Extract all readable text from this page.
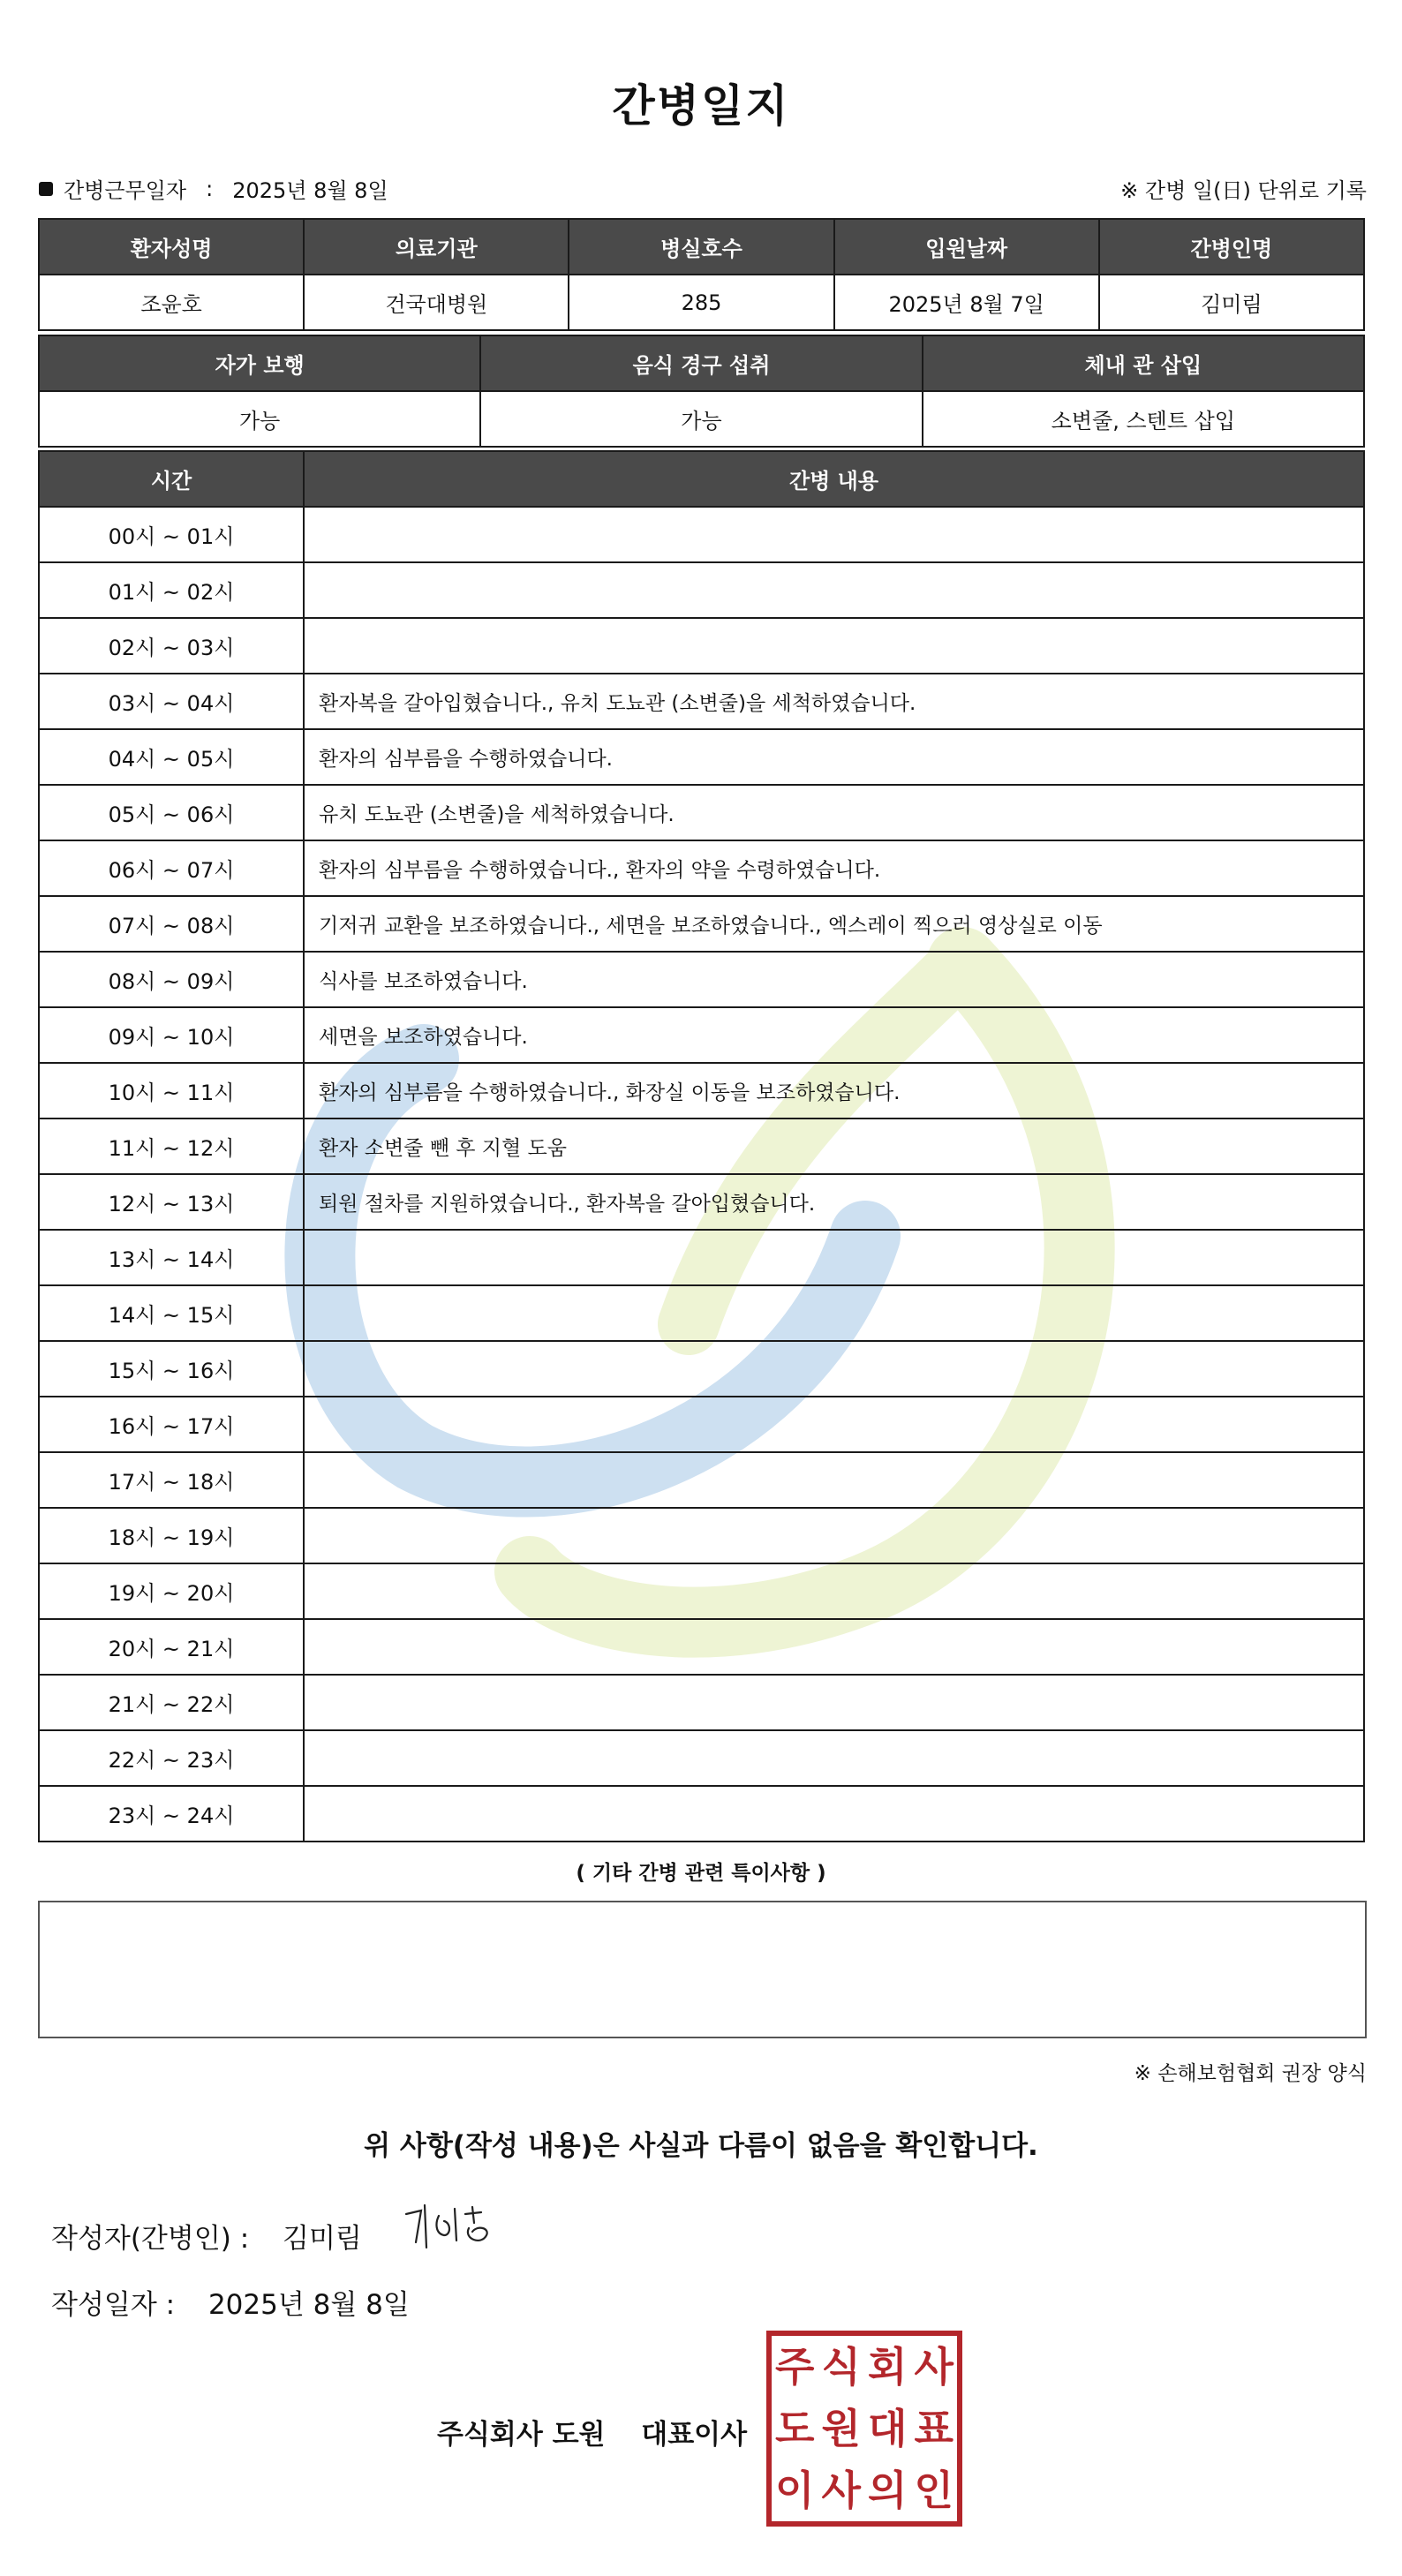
간병일지
간병근무일자 : 2025년 8월 8일	※ 간병 일(日) 단위로 기록
환자성명	의료기관	병실호수	입원날짜	간병인명
조윤호	건국대병원	285	2025년 8월 7일	김미림
자가 보행	음식 경구 섭취	체내 관 삽입
가능	가능	소변줄, 스텐트 삽입
시간	간병 내용
00시 ~ 01시	
01시 ~ 02시	
02시 ~ 03시	
03시 ~ 04시	환자복을 갈아입혔습니다., 유치 도뇨관 (소변줄)을 세척하였습니다.
04시 ~ 05시	환자의 심부름을 수행하였습니다.
05시 ~ 06시	유치 도뇨관 (소변줄)을 세척하였습니다.
06시 ~ 07시	환자의 심부름을 수행하였습니다., 환자의 약을 수령하였습니다.
07시 ~ 08시	기저귀 교환을 보조하였습니다., 세면을 보조하였습니다., 엑스레이 찍으러 영상실로 이동
08시 ~ 09시	식사를 보조하였습니다.
09시 ~ 10시	세면을 보조하였습니다.
10시 ~ 11시	환자의 심부름을 수행하였습니다., 화장실 이동을 보조하였습니다.
11시 ~ 12시	환자 소변줄 뺀 후 지혈 도움
12시 ~ 13시	퇴원 절차를 지원하였습니다., 환자복을 갈아입혔습니다.
13시 ~ 14시	
14시 ~ 15시	
15시 ~ 16시	
16시 ~ 17시	
17시 ~ 18시	
18시 ~ 19시	
19시 ~ 20시	
20시 ~ 21시	
21시 ~ 22시	
22시 ~ 23시	
23시 ~ 24시	
( 기타 간병 관련 특이사항 )
※ 손해보험협회 권장 양식
위 사항(작성 내용)은 사실과 다름이 없음을 확인합니다.
작성자(간병인) : 김미림
작성일자 : 2025년 8월 8일
주식회사 도원 대표이사
주 식 회 사
도 원 대 표
이 사 의 인
